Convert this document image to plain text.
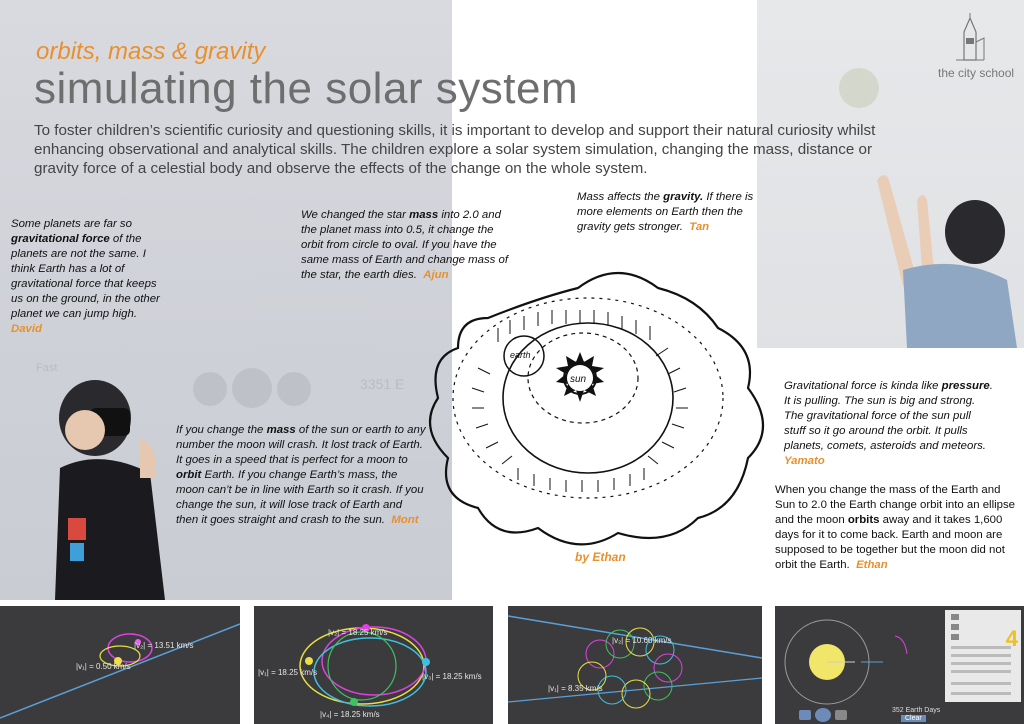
3351 E
Fast
orbits, mass & gravity
simulating the solar system
To foster children’s scientific curiosity and questioning skills, it is important to develop and support their natural curiosity whilst enhancing observational and analytical skills. The children explore a solar system simulation, changing the mass, distance or gravity force of a celestial body and observe the effects of the change on the whole system.
the city school
Some planets are far so gravitational force of the planets are not the same. I think Earth has a lot of gravitational force that keeps us on the ground, in the other planet we can jump high.
David
We changed the star mass into 2.0 and the planet mass into 0.5, it change the orbit from circle to oval. If you have the same mass of Earth and change mass of the star, the earth dies. Ajun
Mass affects the gravity. If there is more elements on Earth then the gravity gets stronger. Tan
Gravitational force is kinda like pressure. It is pulling. The sun is big and strong. The gravitational force of the sun pull stuff so it go around the orbit. It pulls planets, comets, asteroids and meteors.  Yamato
When you change the mass of the Earth and Sun to 2.0 the Earth change orbit into an ellipse and the moon orbits away and it takes 1,600 days for it to come back. Earth and moon are supposed to be together but the moon did not orbit the Earth. Ethan
If you change the mass of the sun or earth to any number the moon will crash. It lost track of Earth. It goes in a speed that is perfect for a moon to orbit Earth. If you change Earth’s mass, the moon can’t be in line with Earth so it crash. If you change the sun, it will lose track of Earth and then it goes straight and crash to the sun. Mont
sun
earth
by Ethan
|v₂| = 13.51 km/s
|v₁| = 0.50 km/s
|v₂| = 18.25 km/s
|v₁| = 18.25 km/s	|v₃| = 18.25 km/s
|v₄| = 18.25 km/s
|v₂| = 10.60 km/s
|v₁| = 8.35 km/s
352 Earth Days
Clear
4
